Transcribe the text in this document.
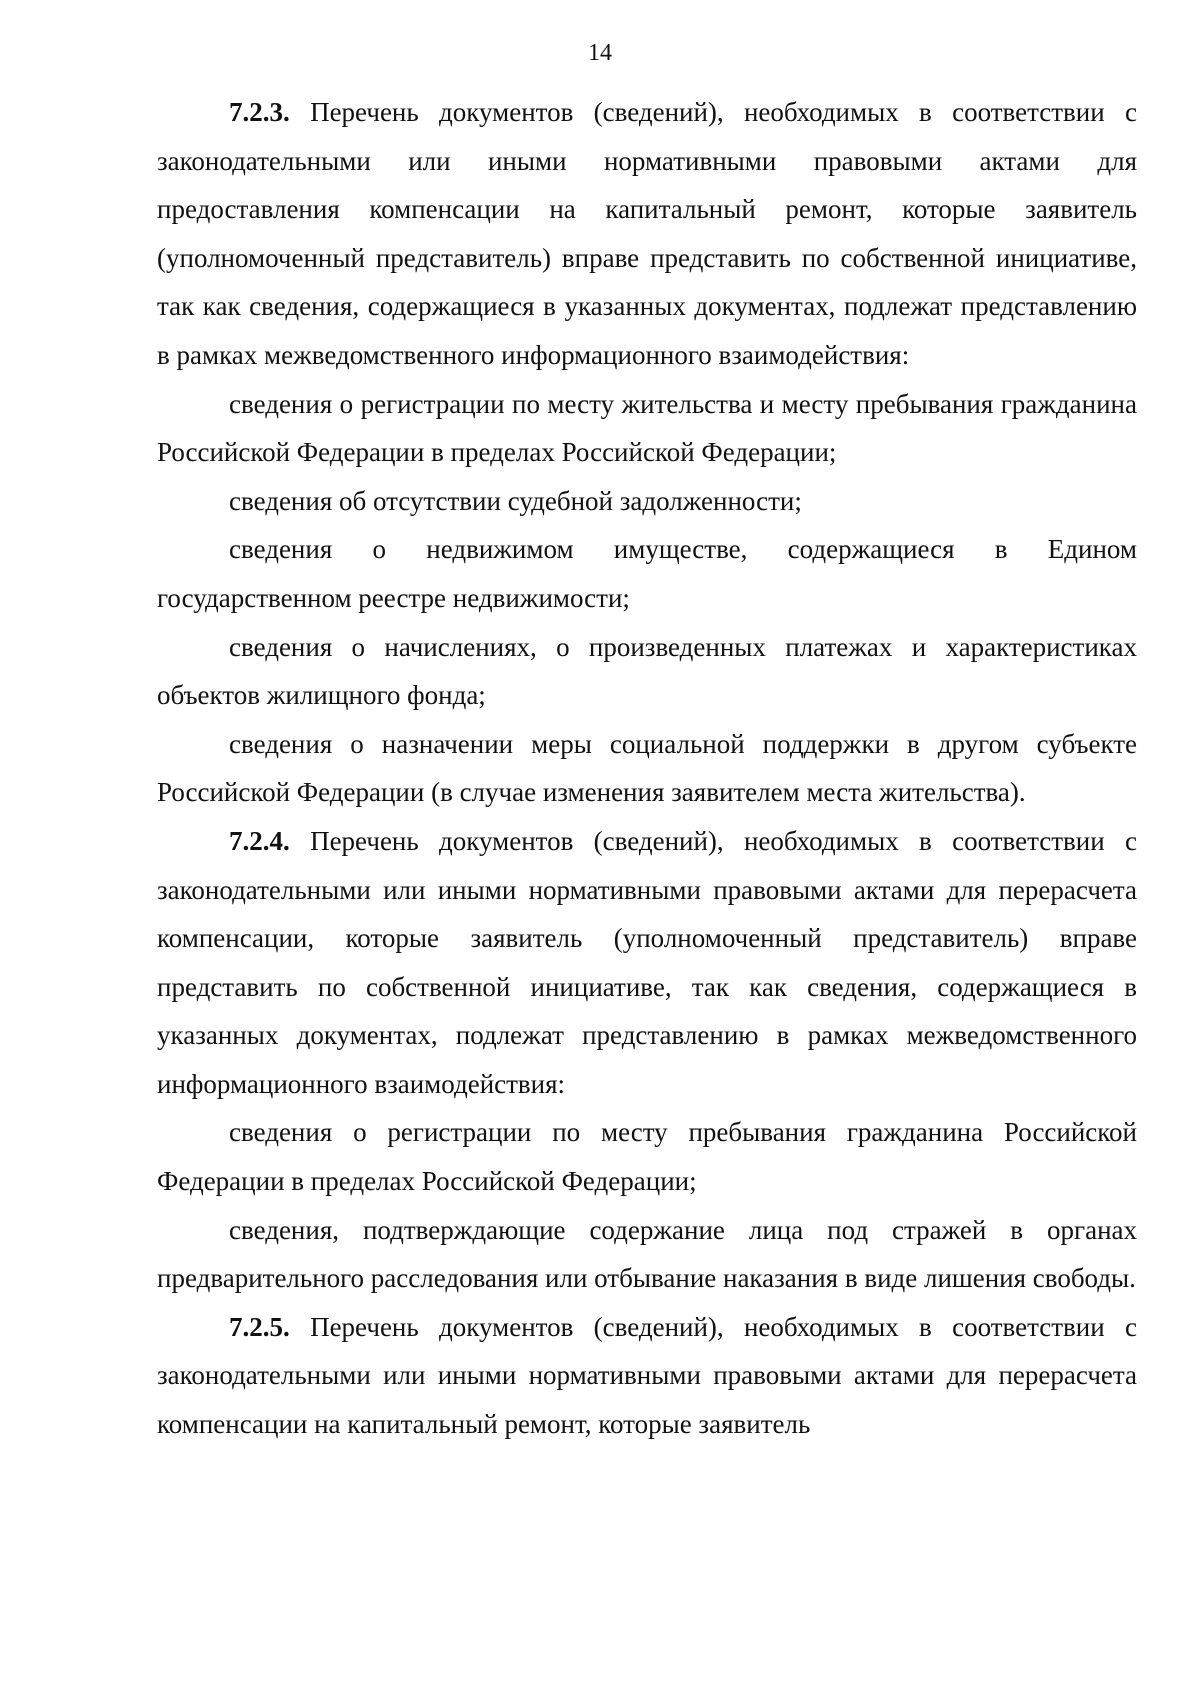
14

7.2.3. Перечень документов (сведений), необходимых в соответствии с законодательными или иными нормативными правовыми актами для предоставления компенсации на капитальный ремонт, которые заявитель (уполномоченный представитель) вправе представить по собственной инициативе, так как сведения, содержащиеся в указанных документах, подлежат представлению в рамках межведомственного информационного взаимодействия:

сведения о регистрации по месту жительства и месту пребывания гражданина Российской Федерации в пределах Российской Федерации;

сведения об отсутствии судебной задолженности;

сведения о недвижимом имуществе, содержащиеся в Едином государственном реестре недвижимости;

сведения о начислениях, о произведенных платежах и характеристиках объектов жилищного фонда;

сведения о назначении меры социальной поддержки в другом субъекте Российской Федерации (в случае изменения заявителем места жительства).

7.2.4. Перечень документов (сведений), необходимых в соответствии с законодательными или иными нормативными правовыми актами для перерасчета компенсации, которые заявитель (уполномоченный представитель) вправе представить по собственной инициативе, так как сведения, содержащиеся в указанных документах, подлежат представлению в рамках межведомственного информационного взаимодействия:

сведения о регистрации по месту пребывания гражданина Российской Федерации в пределах Российской Федерации;

сведения, подтверждающие содержание лица под стражей в органах предварительного расследования или отбывание наказания в виде лишения свободы.

7.2.5. Перечень документов (сведений), необходимых в соответствии с законодательными или иными нормативными правовыми актами для перерасчета компенсации на капитальный ремонт, которые заявитель
